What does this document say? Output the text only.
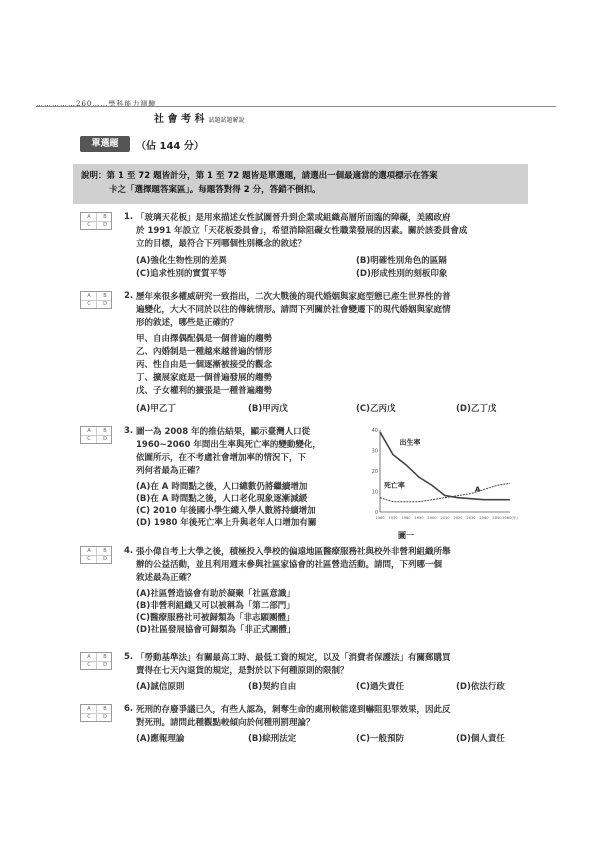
……………260……學科能力測驗
社 會 考 科 試題試題解說
單選題	（佔 144 分）
說明：第 1 至 72 題皆計分，第 1 至 72 題皆是單選題，請選出一個最適當的選項標示在答案
卡之「選擇題答案區」。每題答對得 2 分，答錯不倒扣。
A	B
C	D
1. 「玻璃天花板」是用來描述女性試圖晉升到企業或組織高層所面臨的障礙，美國政府
於 1991 年設立「天花板委員會」，希望消除阻礙女性職業發展的因素。關於該委員會成
立的目標，最符合下列哪個性別概念的敘述？
(A)強化生物性別的差異	(B)明確性別角色的區隔
(C)追求性別的實質平等	(D)形成性別的刻板印象
A	B
C	D
2. 歷年來很多權威研究一致指出，二次大戰後的現代婚姻與家庭型態已產生世界性的普
遍變化，大大不同於以往的傳統情形。請問下列關於社會變遷下的現代婚姻與家庭情
形的敘述，哪些是正確的？
甲、自由擇偶配偶是一個普遍的趨勢
乙、內婚制是一種越來越普遍的情形
丙、性自由是一個逐漸被接受的觀念
丁、擴展家庭是一個普遍發展的趨勢
戊、子女權利的擴張是一種普遍趨勢
(A)甲乙丁	(B)甲丙戊	(C)乙丙戊	(D)乙丁戊
A	B
C	D
3. 圖一為 2008 年的推估結果，顯示臺灣人口從
1960∼2060 年間出生率與死亡率的變動變化，
依圖所示，在不考慮社會增加率的情況下，下
列何者最為正確？
(A)在 A 時間點之後，人口總數仍將繼續增加
(B)在 A 時間點之後，人口老化現象逐漸減緩
(C) 2010 年後國小學生總入學人數將持續增加
(D) 1980 年後死亡率上升與老年人口增加有關
40
30
20
10
0
1960 1970 1980 1990 2000 2010 2020 2030 2040 2050 2060(年)
出生率
死亡率
A
圖一
A	B
C	D
4. 張小偉自考上大學之後，積極投入學校的偏遠地區醫療服務社與校外非營利組織所舉
辦的公益活動，並且利用週末參與社區家協會的社區營造活動。請問，下列哪一個
敘述最為正確？
(A)社區營造協會有助於凝聚「社區意識」
(B)非營利組織又可以被稱為「第二部門」
(C)醫療服務社可被歸類為「非志願團體」
(D)社區發展協會可歸類為「非正式團體」
A	B
C	D
5. 「勞動基準法」有關最高工時、最低工資的規定，以及「消費者保護法」有關郵購買
賣得在七天內退貨的規定，是對於以下何種原則的限制？
(A)誠信原則	(B)契約自由	(C)過失責任	(D)依法行政
A	B
C	D
6. 死刑的存廢爭議已久，有些人認為，剝奪生命的處刑較能達到嚇阻犯罪效果，因此反
對死刑。請問此種觀點較傾向於何種刑罰理論？
(A)應報理論	(B)綜刑法定	(C)一般預防	(D)個人責任
